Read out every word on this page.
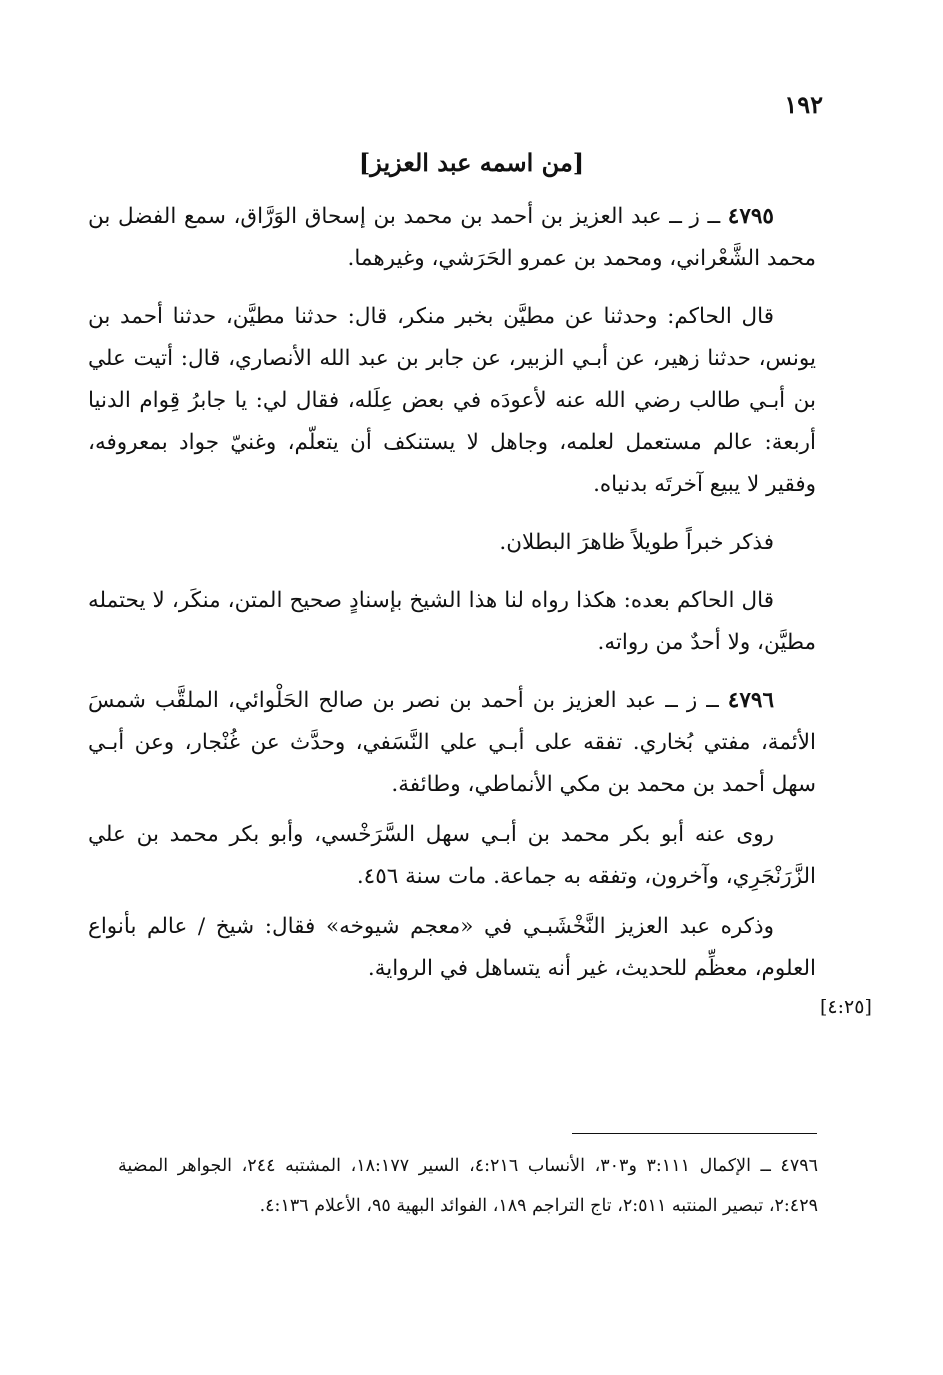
١٩٢
[من اسمه عبد العزيز]

٤٧٩٥ ــ ز ــ عبد العزيز بن أحمد بن محمد بن إسحاق الوَرَّاق، سمع الفضل بن محمد الشَّعْراني، ومحمد بن عمرو الحَرَشي، وغيرهما.

قال الحاكم: وحدثنا عن مطيَّن بخبر منكر، قال: حدثنا مطيَّن، حدثنا أحمد بن يونس، حدثنا زهير، عن أبـي الزبير، عن جابر بن عبد الله الأنصاري، قال: أتيت علي بن أبـي طالب رضي الله عنه لأعودَه في بعض عِلَله، فقال لي: يا جابرُ قِوام الدنيا أربعة: عالم مستعمل لعلمه، وجاهل لا يستنكف أن يتعلّم، وغنيّ جواد بمعروفه، وفقير لا يبيع آخرتَه بدنياه.

فذكر خبراً طويلاً ظاهرَ البطلان.

قال الحاكم بعده: هكذا رواه لنا هذا الشيخ بإسنادٍ صحيح المتن، منكَر، لا يحتمله مطيَّن، ولا أحدٌ من رواته.

٤٧٩٦ ــ ز ــ عبد العزيز بن أحمد بن نصر بن صالح الحَلْوائي، الملقَّب شمسَ الأئمة، مفتي بُخاري. تفقه على أبـي علي النَّسَفي، وحدَّث عن غُنْجار، وعن أبـي سهل أحمد بن محمد بن مكي الأنماطي، وطائفة.

روى عنه أبو بكر محمد بن أبـي سهل السَّرَخْسي، وأبو بكر محمد بن علي الزَّرَنْجَرِي، وآخرون، وتفقه به جماعة. مات سنة ٤٥٦.

وذكره عبد العزيز النَّخْشَبـي في «معجم شيوخه» فقال: شيخ / عالم بأنواع العلوم، معظِّم للحديث، غير أنه يتساهل في الرواية.

[٤:٢٥]
٤٧٩٦ ــ الإكمال ٣:١١١ و٣٠٣، الأنساب ٤:٢١٦، السير ١٨:١٧٧، المشتبه ٢٤٤، الجواهر المضية ٢:٤٢٩، تبصير المنتبه ٢:٥١١، تاج التراجم ١٨٩، الفوائد البهية ٩٥، الأعلام ٤:١٣٦.
